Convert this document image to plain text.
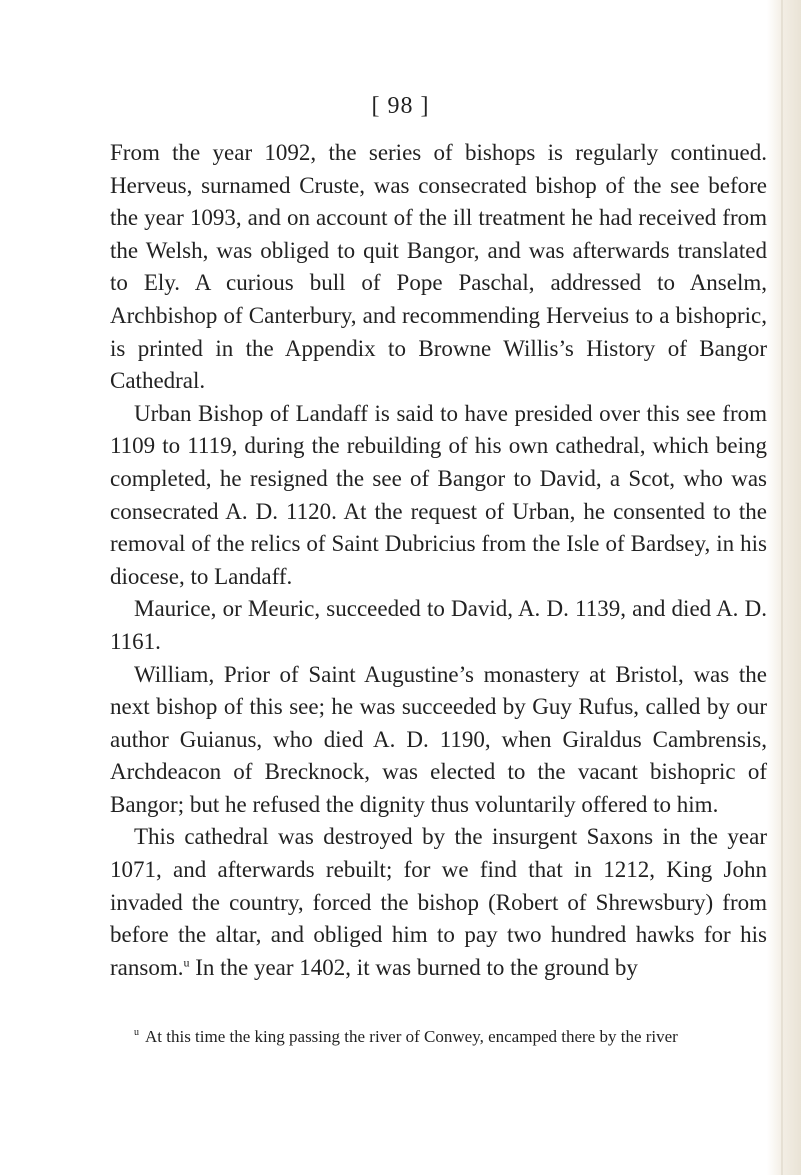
[ 98 ]

From the year 1092, the series of bishops is regularly continued. Herveus, surnamed Cruste, was consecrated bishop of the see before the year 1093, and on account of the ill treatment he had received from the Welsh, was obliged to quit Bangor, and was afterwards translated to Ely. A curious bull of Pope Paschal, addressed to Anselm, Archbishop of Canterbury, and recommending Herveius to a bishopric, is printed in the Appendix to Browne Willis’s History of Bangor Cathedral.

Urban Bishop of Landaff is said to have presided over this see from 1109 to 1119, during the rebuilding of his own cathedral, which being completed, he resigned the see of Bangor to David, a Scot, who was consecrated A. D. 1120. At the request of Urban, he consented to the removal of the relics of Saint Dubricius from the Isle of Bardsey, in his diocese, to Landaff.

Maurice, or Meuric, succeeded to David, A. D. 1139, and died A. D. 1161.

William, Prior of Saint Augustine’s monastery at Bristol, was the next bishop of this see; he was succeeded by Guy Rufus, called by our author Guianus, who died A. D. 1190, when Giraldus Cambrensis, Archdeacon of Brecknock, was elected to the vacant bishopric of Bangor; but he refused the dignity thus voluntarily offered to him.

This cathedral was destroyed by the insurgent Saxons in the year 1071, and afterwards rebuilt; for we find that in 1212, King John invaded the country, forced the bishop (Robert of Shrewsbury) from before the altar, and obliged him to pay two hundred hawks for his ransom.$^u$ In the year 1402, it was burned to the ground by

$^u$ At this time the king passing the river of Conwey, encamped there by the river
